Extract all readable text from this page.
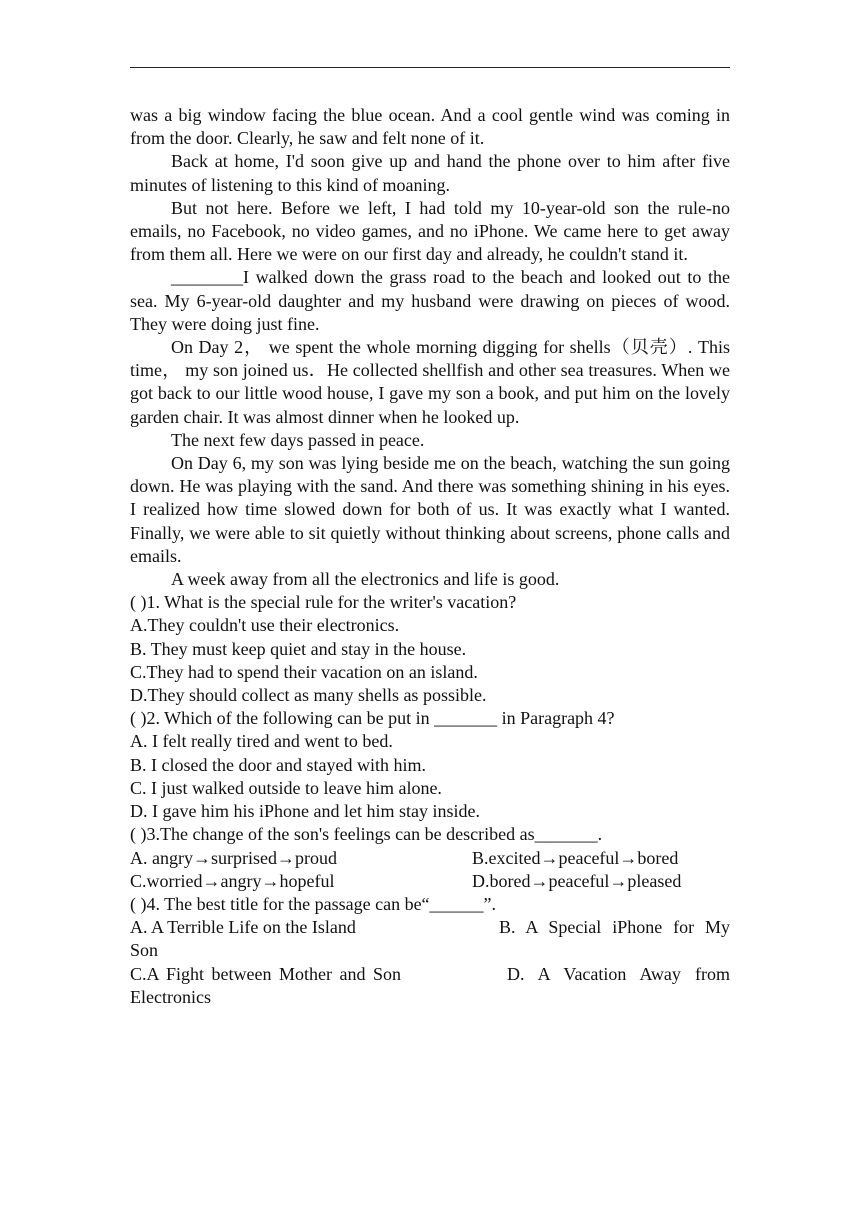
was a big window facing the blue ocean. And a cool gentle wind was coming in from the door. Clearly, he saw and felt none of it.

Back at home, I'd soon give up and hand the phone over to him after five minutes of listening to this kind of moaning.

But not here. Before we left, I had told my 10-year-old son the rule-no emails, no Facebook, no video games, and no iPhone. We came here to get away from them all. Here we were on our first day and already, he couldn't stand it.

________I walked down the grass road to the beach and looked out to the sea. My 6-year-old daughter and my husband were drawing on pieces of wood. They were doing just fine.

On Day 2， we spent the whole morning digging for shells（贝壳）. This time， my son joined us．He collected shellfish and other sea treasures. When we got back to our little wood house, I gave my son a book, and put him on the lovely garden chair. It was almost dinner when he looked up.

The next few days passed in peace.

On Day 6, my son was lying beside me on the beach, watching the sun going down. He was playing with the sand. And there was something shining in his eyes. I realized how time slowed down for both of us. It was exactly what I wanted. Finally, we were able to sit quietly without thinking about screens, phone calls and emails.

A week away from all the electronics and life is good.

( )1. What is the special rule for the writer's vacation?

A.They couldn't use their electronics.

B. They must keep quiet and stay in the house.

C.They had to spend their vacation on an island.

D.They should collect as many shells as possible.

( )2. Which of the following can be put in _______ in Paragraph 4?

A. I felt really tired and went to bed.

B. I closed the door and stayed with him.

C. I just walked outside to leave him alone.

D. I gave him his iPhone and let him stay inside.

( )3.The change of the son's feelings can be described as_______.

A. angry→surprised→proud	B.excited→peaceful→bored
C.worried→angry→hopeful	D.bored→peaceful→pleased

( )4. The best title for the passage can be“______”.

A. A Terrible Life on the Island	B. A Special iPhone for My Son

C.A Fight between Mother and Son	D. A Vacation Away from Electronics
